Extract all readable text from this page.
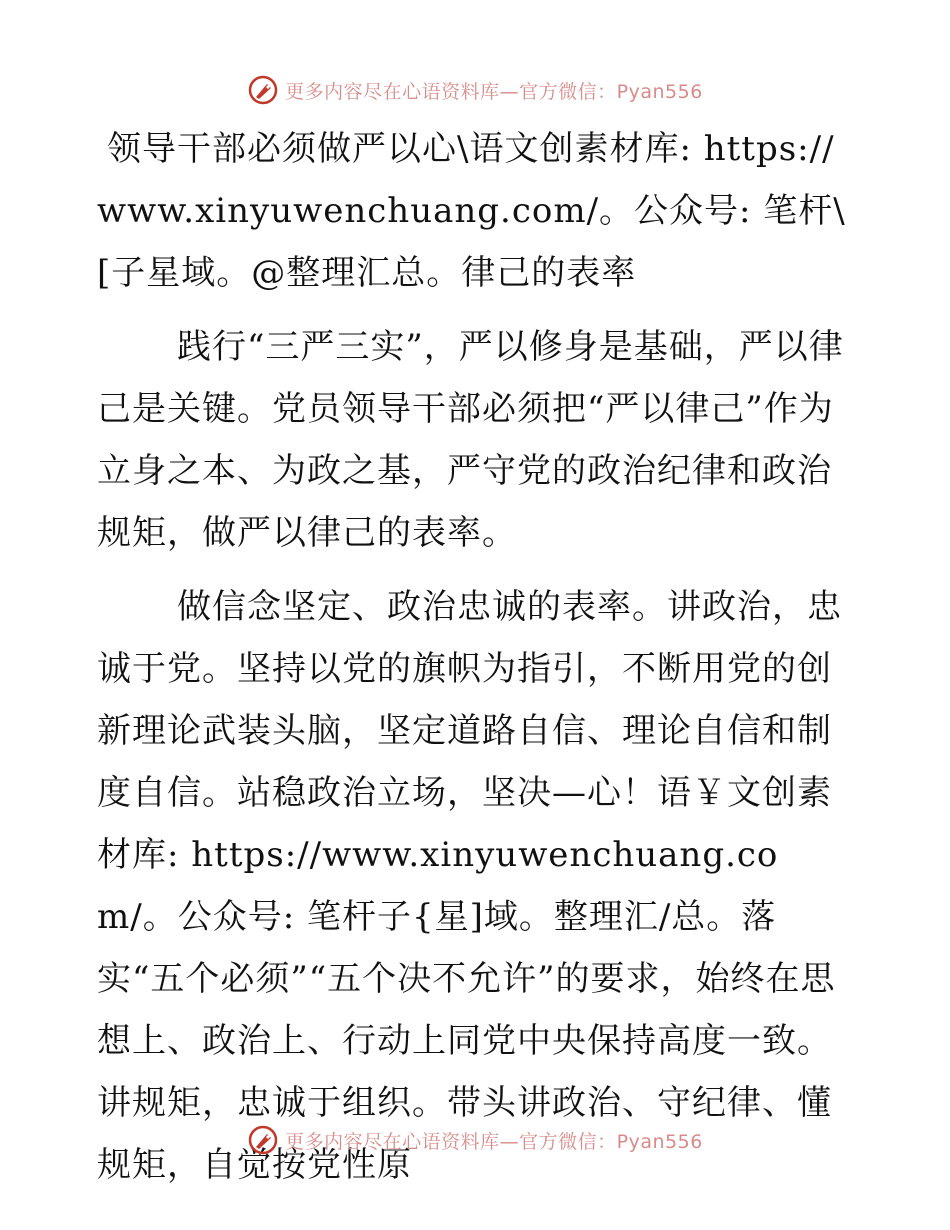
更多内容尽在心语资料库—官方微信：Pyan556

领导干部必须做严以心\语文创素材库: https://www.xinyuwenchuang.com/。公众号: 笔杆\[子星域。@整理汇总。律己的表率

践行“三严三实”，严以修身是基础，严以律己是关键。党员领导干部必须把“严以律己”作为立身之本、为政之基，严守党的政治纪律和政治规矩，做严以律己的表率。

做信念坚定、政治忠诚的表率。讲政治，忠诚于党。坚持以党的旗帜为指引，不断用党的创新理论武装头脑，坚定道路自信、理论自信和制度自信。站稳政治立场，坚决—心！语￥文创素材库: https://www.xinyuwenchuang.com/。公众号: 笔杆子{星]域。整理汇/总。落实“五个必须”“五个决不允许”的要求，始终在思想上、政治上、行动上同党中央保持高度一致。讲规矩，忠诚于组织。带头讲政治、守纪律、懂规矩，自觉按党性原

更多内容尽在心语资料库—官方微信：Pyan556
